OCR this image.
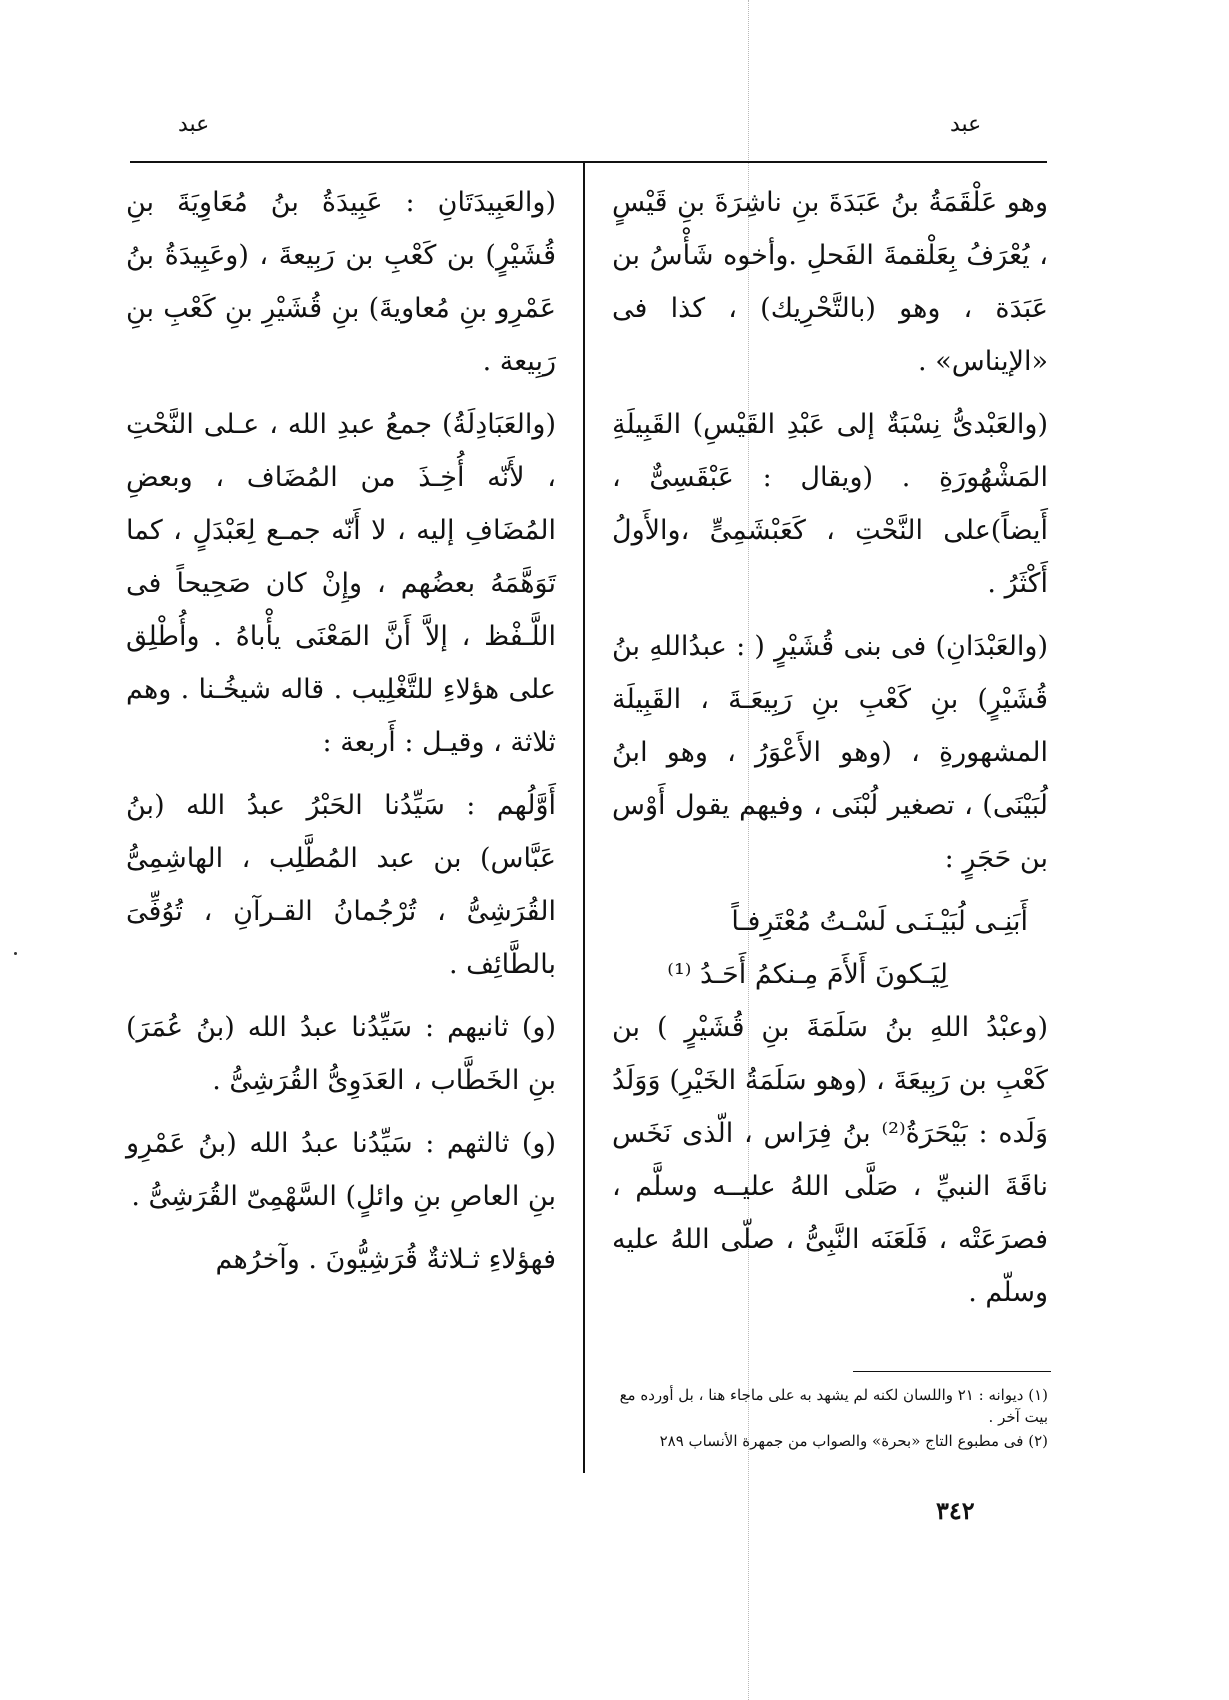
عبد
عبد

وهو عَلْقَمَةُ بنُ عَبَدَةَ بنِ ناشِرَةَ بنِ قَيْسٍ ، يُعْرَفُ بِعَلْقمةَ الفَحلِ .وأخوه شَأْسُ بن عَبَدَة ، وهو (بالتَّحْرِيك) ، كذا فى «الإيناس» .

(والعَبْدىُّ نِسْبَةٌ إلى عَبْدِ القَيْسِ) القَبِيلَةِ المَشْهُورَةِ . (ويقال : عَبْقَسِىٌّ ، أَيضاً)على النَّحْتِ ، كَعَبْشَمِىٍّ ،والأَولُ أَكْثَرُ .

(والعَبْدَانِ) فى بنى قُشَيْرٍ ( : عبدُاللهِ بنُ قُشَيْرٍ) بنِ كَعْبِ بنِ رَبِيعَـةَ ، القَبِيلَة المشهورةِ ، (وهو الأَعْوَرُ ، وهو ابنُ لُبَيْنَى) ، تصغير لُبْنَى ، وفيهم يقول أَوْس بن حَجَرٍ :

أَبَنِـى لُبَيْـنَـى لَسْـتُ مُعْتَرِفـاً

لِيَـكونَ أَلأَمَ مِـنكمُ أَحَـدُ ⁽¹⁾

(وعبْدُ اللهِ بنُ سَلَمَةَ بنِ قُشَيْرٍ ) بن كَعْبِ بن رَبِيعَةَ ، (وهو سَلَمَةُ الخَيْرِ) وَوَلَدُ وَلَده : بَيْحَرَةُ⁽²⁾ بنُ فِرَاس ، الّذى نَخَس ناقَةَ النبيِّ ، صَلَّى اللهُ عليــه وسلَّم ، فصرَعَتْه ، فَلَعَنَه النَّبِىُّ ، صلّى اللهُ عليه وسلّم .

(والعَبِيدَتَانِ : عَبِيدَةُ بنُ مُعَاوِيَةَ بنِ قُشَيْرٍ) بن كَعْبِ بن رَبِيعةَ ، (وعَبِيدَةُ بنُ عَمْرِو بنِ مُعاويةَ) بنِ قُشَيْرِ بنِ كَعْبِ بنِ رَبِيعة .

(والعَبَادِلَةُ) جمعُ عبدِ الله ، عـلى النَّحْتِ ، لأَنّه أُخِـذَ من المُضَاف ، وبعضِ المُضَافِ إليه ، لا أَنّه جمـع لِعَبْدَلٍ ، كما تَوَهَّمَهُ بعضُهم ، وإِنْ كان صَحِيحاً فى اللَّـفْظ ، إلاَّ أَنَّ المَعْنَى يأْباهُ . وأُطْلِق على هؤلاءِ للتَّغْلِيب . قاله شيخُـنا . وهم ثلاثة ، وقيـل : أَربعة :

أَوَّلُهم : سَيِّدُنا الحَبْرُ عبدُ الله (بنُ عَبَّاس) بن عبد المُطَّلِب ، الهاشِمِىُّ القُرَشِىُّ ، تُرْجُمانُ القـرآنِ ، تُوُفِّىَ بالطَّائِف .

(و) ثانيهم : سَيِّدُنا عبدُ الله (بنُ عُمَرَ) بنِ الخَطَّاب ، العَدَوِىُّ القُرَشِىُّ .

(و) ثالثهم : سَيِّدُنا عبدُ الله (بنُ عَمْرِو بنِ العاصِ بنِ وائلٍ) السَّهْمِىّ القُرَشِىُّ .

فهؤلاءِ ثـلاثةٌ قُرَشِيُّونَ . وآخرُهم

(١) ديوانه : ٢١ واللسان لكنه لم يشهد به على ماجاء هنا ، بل أورده مع بيت آخر .

(٢) فى مطبوع التاج «بحرة» والصواب من جمهرة الأنساب ٢٨٩

٣٤٢
